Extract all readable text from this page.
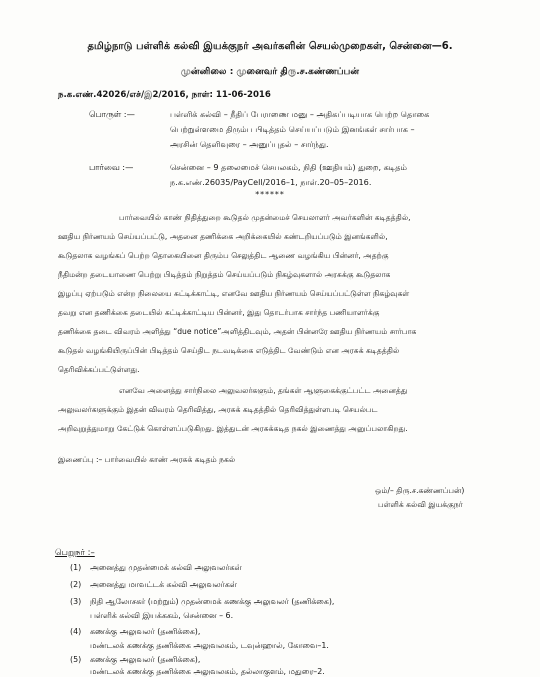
தமிழ்நாடு பள்ளிக் கல்வி இயக்குநர் அவர்களின் செயல்முறைகள், சென்னை—6.
முன்னிலை : முனைவர் திரு.ச.கண்ணப்பன்
ந.க.எண்.42026/எச்/இ2/2016, நாள்: 11-06-2016
பொருள் :—	பள்ளிக் கல்வி – நீதிப் பேராணை மனு – அதிகப்படியாக பெற்ற தொகை
பெற்றுள்ளமை திரும்ப பிடித்தம் செய்யப்படும் இனங்கள் சார்பாக –
அரசின் தெளிவுரை – அனுப்புதல் – சார்ந்து.
பார்வை :—	சென்னை – 9 தலைமைச் செயலகம், நிதி (ஊதியம்) துறை, கடிதம்
ந.க.எண்.26035/PayCell/2016–1, நாள்.20–05–2016.
******
பார்வையில் காண் நிதித்துறை கூடுதல் முதன்மைச் செயலாளர் அவர்களின் கடிதத்தில்,
ஊதிய நிர்ணயம் செய்யப்பட்டு, அதனை தணிக்கை அறிக்கையில் கண்டறியப்படும் இனங்களில்,
கூடுதலாக வழங்கப் பெற்ற தொகையினை திரும்ப செலுத்திட ஆணை வழங்கிய பின்னர், அதற்கு
நீதிமன்ற தடையாணை பெற்று பிடித்தம் நிறுத்தம் செய்யப்படும் நிகழ்வுகளால் அரசுக்கு கூடுதலாக
இழப்பு ஏற்படும் என்ற நிலையை சுட்டிக்காட்டி, எனவே ஊதிய நிர்ணயம் செய்யப்பட்டுள்ள நிகழ்வுகள்
தவறு என தணிக்கை தடையில் சுட்டிக்காட்டிய பின்னர், இது தொடர்பாக சார்ந்த பணியாளர்க்கு
தணிக்கை தடை விவரம் அளித்து “due notice”அளித்திடவும், அதன் பின்னரே ஊதிய நிர்ணயம் சார்பாக
கூடுதல் வழங்கியிருப்பின் பிடித்தம் செய்திட நடவடிக்கை எடுத்திட வேண்டும் என அரசுக் கடிதத்தில்
தெரிவிக்கப்பட்டுள்ளது.
எனவே அனைத்து சார்நிலை அலுவலர்களும், தங்கள் ஆளுகைக்குட்பட்ட அனைத்து
அலுவலர்களுக்கும் இதன் விவரம் தெரிவித்து, அரசுக் கடிதத்தில் தெரிவித்துள்ளபடி செயல்பட
அறிவுறுத்துமாறு கேட்டுக் கொள்ளப்படுகிறது. இத்துடன் அரசுக்கடித நகல் இணைத்து அனுப்பலாகிறது.
இணைப்பு :– பார்வையில் காண் அரசுக் கடிதம் நகல்
ஒம்/– திரு.ச.கண்ணப்பன்)
பள்ளிக் கல்வி இயக்குநர்
பெறுநர் :–
(1) அனைத்து முதன்மைக் கல்வி அலுவலர்கள்
(2) அனைத்து மாவட்டக் கல்வி அலுவலர்கள்
(3) நிதி ஆலோசகர் (மற்றும்) முதன்மைக் கணக்கு அலுவலர் (தணிக்கை),
பள்ளிக் கல்வி இயக்ககம், சென்னை – 6.
(4) கணக்கு அலுவலர் (தணிக்கை),
மண்டலக் கணக்கு தணிக்கை அலுவலகம், டவுன்ஹால், கோவை–1.
(5) கணக்கு அலுவலர் (தணிக்கை),
மண்டலக் கணக்கு தணிக்கை அலுவலகம், தல்லாகுளம், மதுரை–2.
